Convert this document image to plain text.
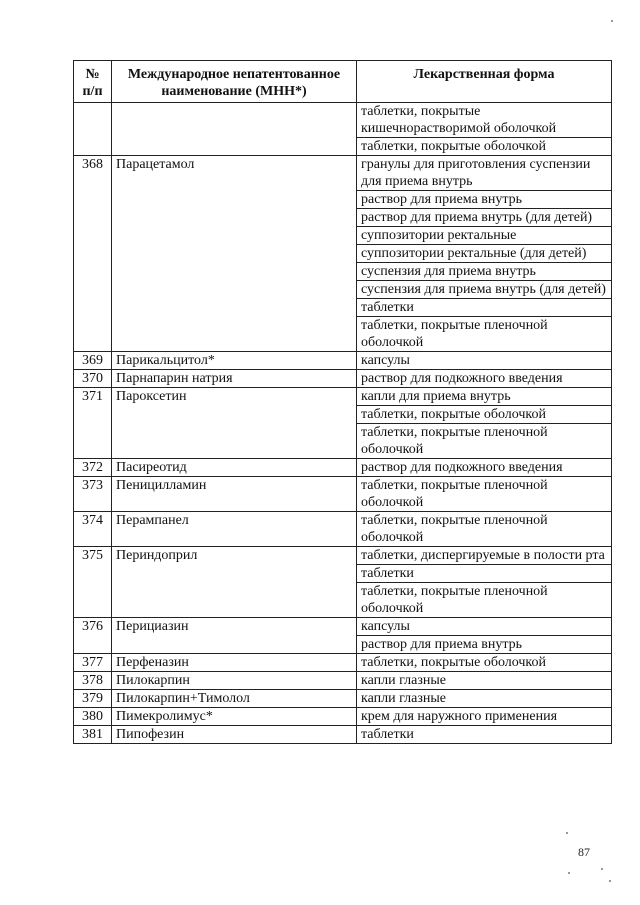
№ п/п	Международное непатентованное наименование (МНН*)	Лекарственная форма
		таблетки, покрытые кишечнорастворимой оболочкой
		таблетки, покрытые оболочкой
368	Парацетамол	гранулы для приготовления суспензии для приема внутрь
		раствор для приема внутрь
		раствор для приема внутрь (для детей)
		суппозитории ректальные
		суппозитории ректальные (для детей)
		суспензия для приема внутрь
		суспензия для приема внутрь (для детей)
		таблетки
		таблетки, покрытые пленочной оболочкой
369	Парикальцитол*	капсулы
370	Парнапарин натрия	раствор для подкожного введения
371	Пароксетин	капли для приема внутрь
		таблетки, покрытые оболочкой
		таблетки, покрытые пленочной оболочкой
372	Пасиреотид	раствор для подкожного введения
373	Пеницилламин	таблетки, покрытые пленочной оболочкой
374	Перампанел	таблетки, покрытые пленочной оболочкой
375	Периндоприл	таблетки, диспергируемые в полости рта
		таблетки
		таблетки, покрытые пленочной оболочкой
376	Перициазин	капсулы
		раствор для приема внутрь
377	Перфеназин	таблетки, покрытые оболочкой
378	Пилокарпин	капли глазные
379	Пилокарпин+Тимолол	капли глазные
380	Пимекролимус*	крем для наружного применения
381	Пипофезин	таблетки
87
